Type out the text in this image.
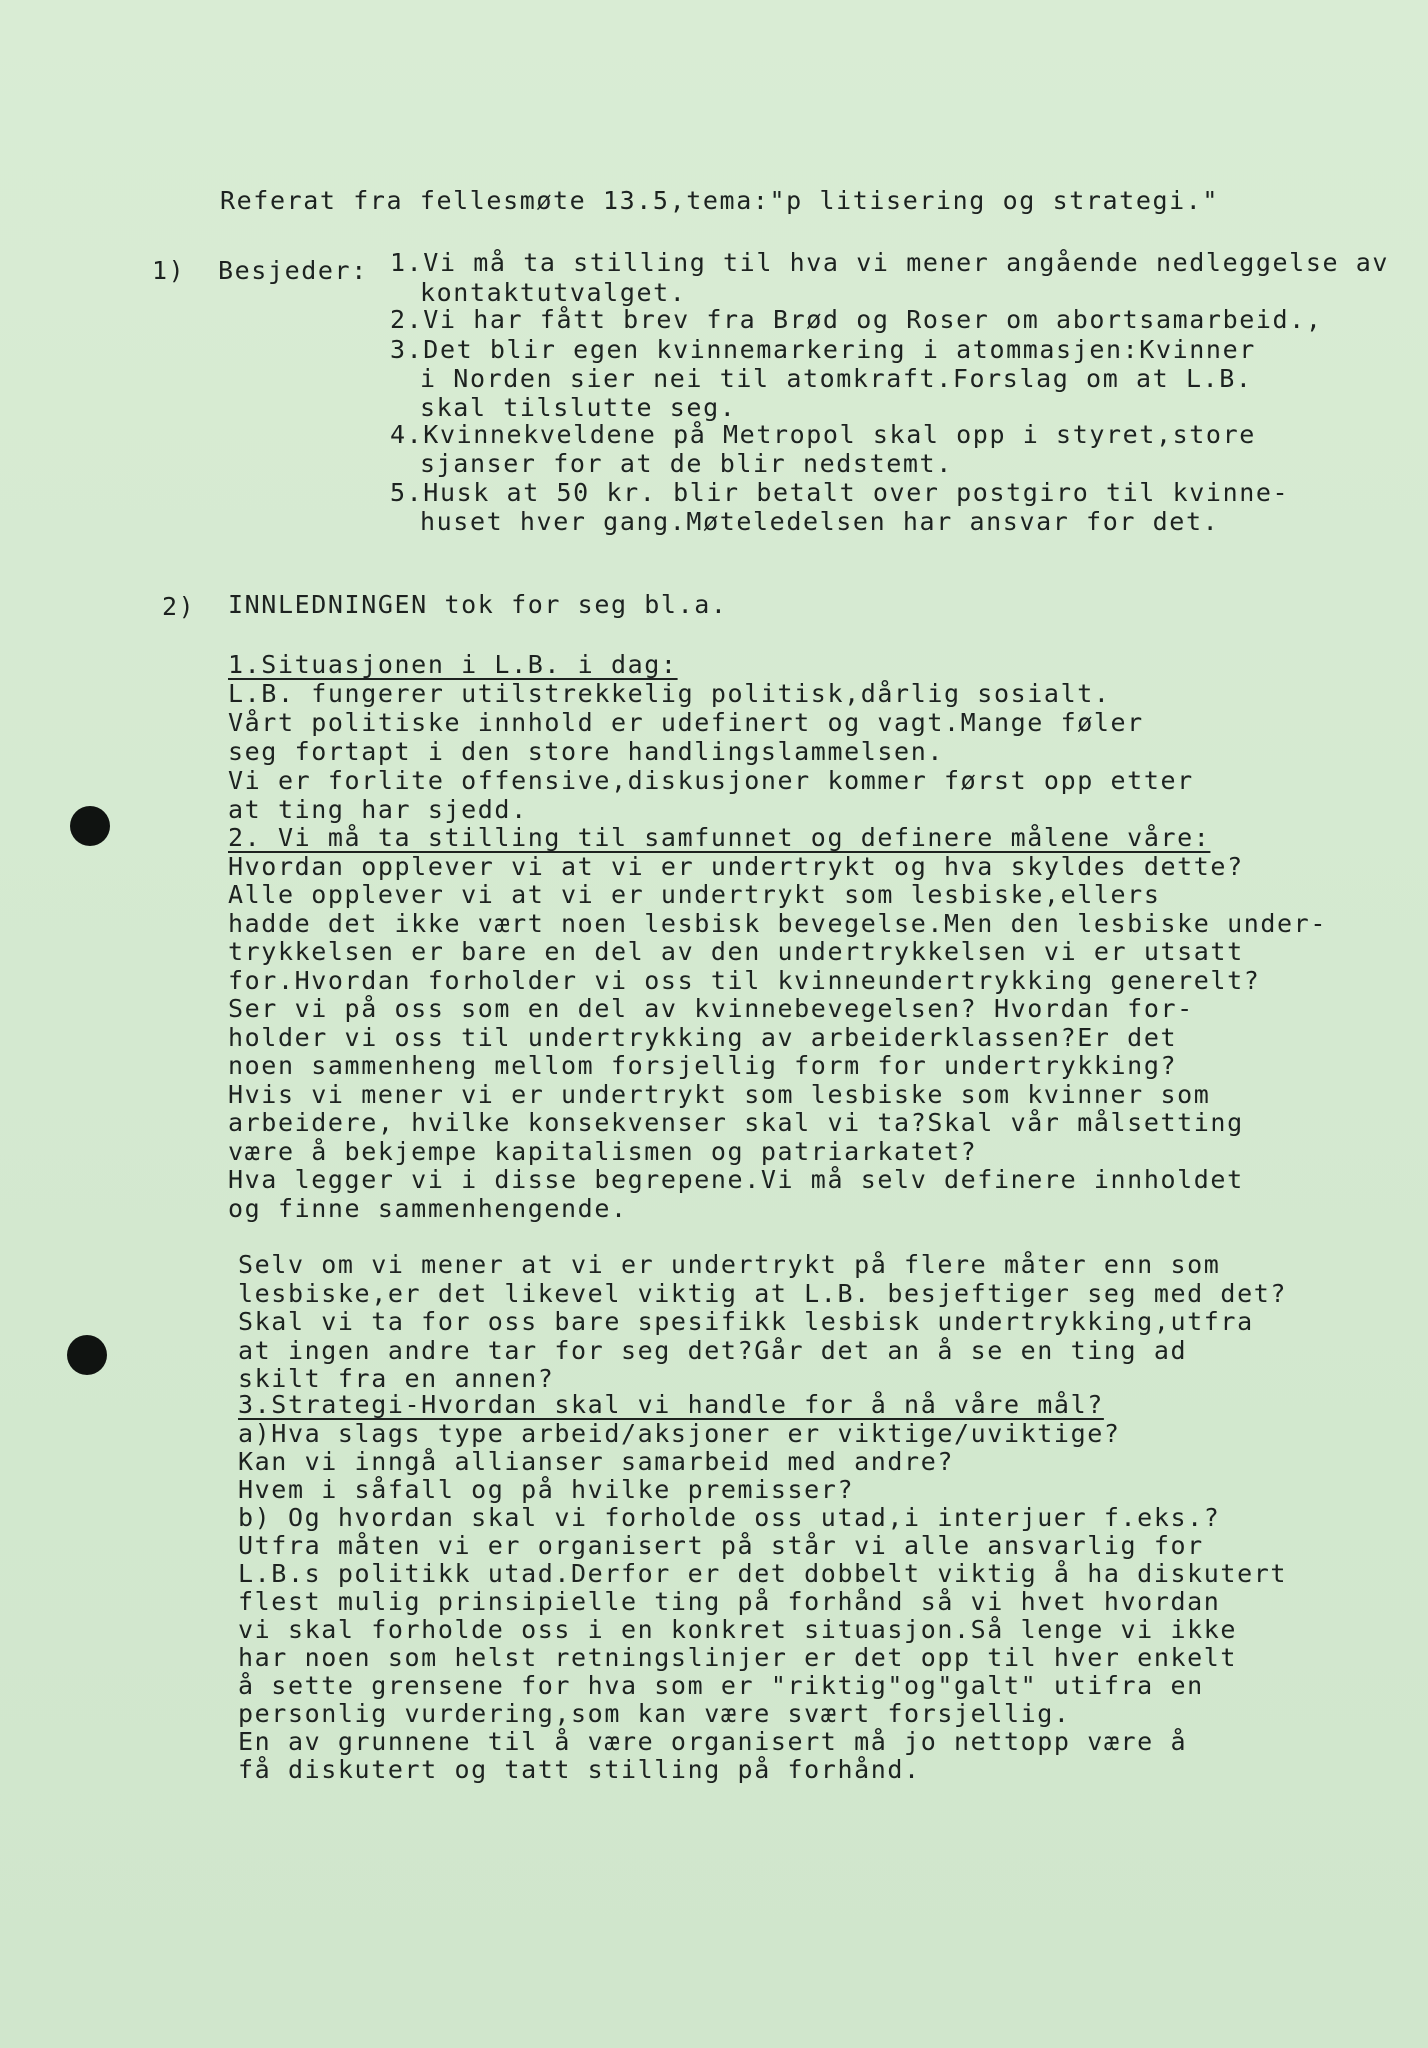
Referat fra fellesmøte 13.5,tema:"p litisering og strategi."
1) Besjeder: 1.Vi må ta stilling til hva vi mener angående nedleggelse av
kontaktutvalget.
2.Vi har fått brev fra Brød og Roser om abortsamarbeid.,
3.Det blir egen kvinnemarkering i atommasjen:Kvinner
i Norden sier nei til atomkraft.Forslag om at L.B.
skal tilslutte seg.
4.Kvinnekveldene på Metropol skal opp i styret,store
sjanser for at de blir nedstemt.
5.Husk at 50 kr. blir betalt over postgiro til kvinne-
huset hver gang.Møteledelsen har ansvar for det.
2) INNLEDNINGEN tok for seg bl.a.
1.Situasjonen i L.B. i dag:
L.B. fungerer utilstrekkelig politisk,dårlig sosialt.
Vårt politiske innhold er udefinert og vagt.Mange føler
seg fortapt i den store handlingslammelsen.
Vi er forlite offensive,diskusjoner kommer først opp etter
at ting har sjedd.
2. Vi må ta stilling til samfunnet og definere målene våre:
Hvordan opplever vi at vi er undertrykt og hva skyldes dette?
Alle opplever vi at vi er undertrykt som lesbiske,ellers
hadde det ikke vært noen lesbisk bevegelse.Men den lesbiske under-
trykkelsen er bare en del av den undertrykkelsen vi er utsatt
for.Hvordan forholder vi oss til kvinneundertrykking generelt?
Ser vi på oss som en del av kvinnebevegelsen? Hvordan for-
holder vi oss til undertrykking av arbeiderklassen?Er det
noen sammenheng mellom forsjellig form for undertrykking?
Hvis vi mener vi er undertrykt som lesbiske som kvinner som
arbeidere, hvilke konsekvenser skal vi ta?Skal vår målsetting
være å bekjempe kapitalismen og patriarkatet?
Hva legger vi i disse begrepene.Vi må selv definere innholdet
og finne sammenhengende.
Selv om vi mener at vi er undertrykt på flere måter enn som
lesbiske,er det likevel viktig at L.B. besjeftiger seg med det?
Skal vi ta for oss bare spesifikk lesbisk undertrykking,utfra
at ingen andre tar for seg det?Går det an å se en ting ad
skilt fra en annen?
3.Strategi-Hvordan skal vi handle for å nå våre mål?
a)Hva slags type arbeid/aksjoner er viktige/uviktige?
Kan vi inngå allianser samarbeid med andre?
Hvem i såfall og på hvilke premisser?
b) Og hvordan skal vi forholde oss utad,i interjuer f.eks.?
Utfra måten vi er organisert på står vi alle ansvarlig for
L.B.s politikk utad.Derfor er det dobbelt viktig å ha diskutert
flest mulig prinsipielle ting på forhånd så vi hvet hvordan
vi skal forholde oss i en konkret situasjon.Så lenge vi ikke
har noen som helst retningslinjer er det opp til hver enkelt
å sette grensene for hva som er "riktig"og"galt" utifra en
personlig vurdering,som kan være svært forsjellig.
En av grunnene til å være organisert må jo nettopp være å
få diskutert og tatt stilling på forhånd.
